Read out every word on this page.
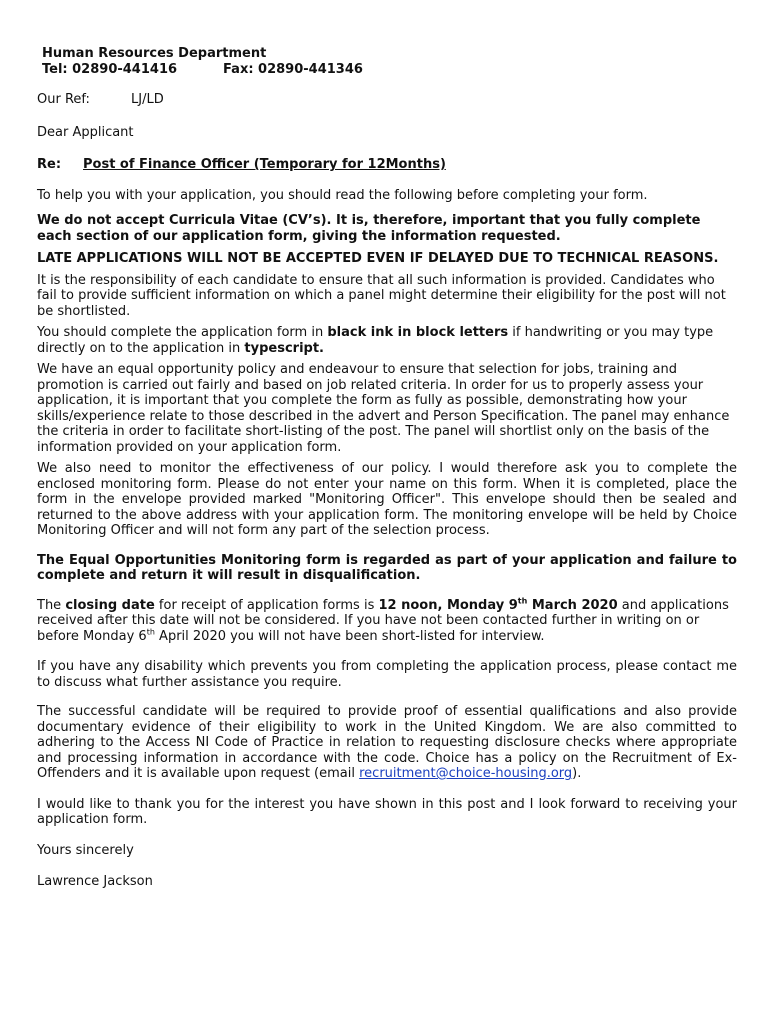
Human Resources Department
Tel: 02890-441416	Fax: 02890-441346

Our Ref:	LJ/LD

Dear Applicant

Re: Post of Finance Officer (Temporary for 12Months)

To help you with your application, you should read the following before completing your form.

We do not accept Curricula Vitae (CV’s). It is, therefore, important that you fully complete each section of our application form, giving the information requested.

LATE APPLICATIONS WILL NOT BE ACCEPTED EVEN IF DELAYED DUE TO TECHNICAL REASONS.

It is the responsibility of each candidate to ensure that all such information is provided. Candidates who fail to provide sufficient information on which a panel might determine their eligibility for the post will not be shortlisted.

You should complete the application form in black ink in block letters if handwriting or you may type directly on to the application in typescript.

We have an equal opportunity policy and endeavour to ensure that selection for jobs, training and promotion is carried out fairly and based on job related criteria. In order for us to properly assess your application, it is important that you complete the form as fully as possible, demonstrating how your skills/experience relate to those described in the advert and Person Specification. The panel may enhance the criteria in order to facilitate short-listing of the post. The panel will shortlist only on the basis of the information provided on your application form.

We also need to monitor the effectiveness of our policy. I would therefore ask you to complete the enclosed monitoring form. Please do not enter your name on this form. When it is completed, place the form in the envelope provided marked "Monitoring Officer". This envelope should then be sealed and returned to the above address with your application form. The monitoring envelope will be held by Choice Monitoring Officer and will not form any part of the selection process.

The Equal Opportunities Monitoring form is regarded as part of your application and failure to complete and return it will result in disqualification.

The closing date for receipt of application forms is 12 noon, Monday 9th March 2020 and applications received after this date will not be considered. If you have not been contacted further in writing on or before Monday 6th April 2020 you will not have been short-listed for interview.

If you have any disability which prevents you from completing the application process, please contact me to discuss what further assistance you require.

The successful candidate will be required to provide proof of essential qualifications and also provide documentary evidence of their eligibility to work in the United Kingdom. We are also committed to adhering to the Access NI Code of Practice in relation to requesting disclosure checks where appropriate and processing information in accordance with the code. Choice has a policy on the Recruitment of Ex-Offenders and it is available upon request (email recruitment@choice-housing.org).

I would like to thank you for the interest you have shown in this post and I look forward to receiving your application form.

Yours sincerely

Lawrence Jackson
